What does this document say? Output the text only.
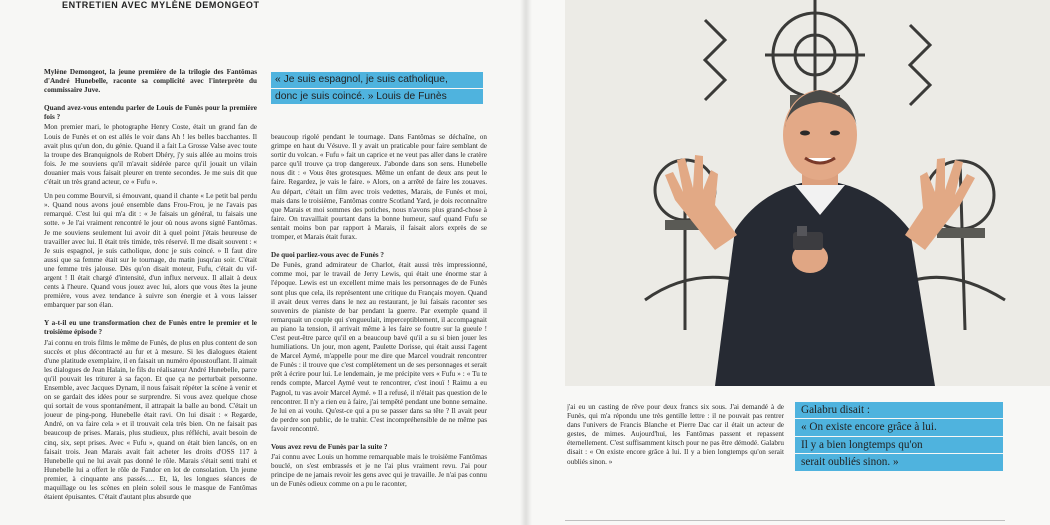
ENTRETIEN AVEC MYLÈNE DEMONGEOT

Mylène Demongeot, la jeune première de la trilogie des Fantômas d'André Hunebelle, raconte sa complicité avec l'interprète du commissaire Juve.

Quand avez-vous entendu parler de Louis de Funès pour la première fois ?

Mon premier mari, le photographe Henry Coste, était un grand fan de Louis de Funès et on est allés le voir dans Ah ! les belles bacchantes. Il avait plus qu'un don, du génie. Quand il a fait La Grosse Valse avec toute la troupe des Branquignols de Robert Dhéry, j'y suis allée au moins trois fois. Je me souviens qu'il m'avait sidérée parce qu'il jouait un vilain douanier mais vous faisait pleurer en trente secondes. Je me suis dit que c'était un très grand acteur, ce « Fufu ».

Un peu comme Bourvil, si émouvant, quand il chante « Le petit bal perdu ». Quand nous avons joué ensemble dans Frou-Frou, je ne l'avais pas remarqué. C'est lui qui m'a dit : « Je faisais un général, tu faisais une sotte. » Je l'ai vraiment rencontré le jour où nous avons signé Fantômas. Je me souviens seulement lui avoir dit à quel point j'étais heureuse de travailler avec lui. Il était très timide, très réservé. Il me disait souvent : « Je suis espagnol, je suis catholique, donc je suis coincé. » Il faut dire aussi que sa femme était sur le tournage, du matin jusqu'au soir. C'était une femme très jalouse. Dès qu'on disait moteur, Fufu, c'était du vif-argent ! Il était chargé d'intensité, d'un influx nerveux. Il allait à deux cents à l'heure. Quand vous jouez avec lui, alors que vous êtes la jeune première, vous avez tendance à suivre son énergie et à vous laisser embarquer par son élan.

Y a-t-il eu une transformation chez de Funès entre le premier et le troisième épisode ?

J'ai connu en trois films le même de Funès, de plus en plus content de son succès et plus décontracté au fur et à mesure. Si les dialogues étaient d'une platitude exemplaire, il en faisait un numéro époustouflant. Il aimait les dialogues de Jean Halain, le fils du réalisateur André Hunebelle, parce qu'il pouvait les triturer à sa façon. Et que ça ne perturbait personne. Ensemble, avec Jacques Dynam, il nous faisait répéter la scène à venir et on se gardait des idées pour se surprendre. Si vous avez quelque chose qui sortait de vous spontanément, il attrapait la balle au bond. C'était un joueur de ping-pong. Hunebelle était ravi. On lui disait : « Regarde, André, on va faire cela » et il trouvait cela très bien. On ne faisait pas beaucoup de prises. Marais, plus studieux, plus réfléchi, avait besoin de cinq, six, sept prises. Avec « Fufu », quand on était bien lancés, on en faisait trois. Jean Marais avait fait acheter les droits d'OSS 117 à Hunebelle qui ne lui avait pas donné le rôle. Marais s'était senti trahi et Hunebelle lui a offert le rôle de Fandor en lot de consolation. Un jeune premier, à cinquante ans passés…. Et, là, les longues séances de maquillage ou les scènes en plein soleil sous le masque de Fantômas étaient épuisantes. C'était d'autant plus absurde que

« Je suis espagnol, je suis catholique,
donc je suis coincé. » Louis de Funès

beaucoup rigolé pendant le tournage. Dans Fantômas se déchaîne, on grimpe en haut du Vésuve. Il y avait un praticable pour faire semblant de sortir du volcan. « Fufu » fait un caprice et ne veut pas aller dans le cratère parce qu'il trouve ça trop dangereux. J'abonde dans son sens. Hunebelle nous dit : « Vous êtes grotesques. Même un enfant de deux ans peut le faire. Regardez, je vais le faire. » Alors, on a arrêté de faire les zouaves. Au départ, c'était un film avec trois vedettes, Marais, de Funès et moi, mais dans le troisième, Fantômas contre Scotland Yard, je dois reconnaître que Marais et moi sommes des potiches, nous n'avons plus grand-chose à faire. On travaillait pourtant dans la bonne humeur, sauf quand Fufu se sentait moins bon par rapport à Marais, il faisait alors exprès de se tromper, et Marais était furax.

De quoi parliez-vous avec de Funès ?

De Funès, grand admirateur de Charlot, était aussi très impressionné, comme moi, par le travail de Jerry Lewis, qui était une énorme star à l'époque. Lewis est un excellent mime mais les personnages de de Funès sont plus que cela, ils représentent une critique du Français moyen. Quand il avait deux verres dans le nez au restaurant, je lui faisais raconter ses souvenirs de pianiste de bar pendant la guerre. Par exemple quand il remarquait un couple qui s'engueulait, imperceptiblement, il accompagnait au piano la tension, il arrivait même à les faire se foutre sur la gueule ! C'est peut-être parce qu'il en a beaucoup bavé qu'il a su si bien jouer les humiliations. Un jour, mon agent, Paulette Dorisse, qui était aussi l'agent de Marcel Aymé, m'appelle pour me dire que Marcel voudrait rencontrer de Funès : il trouve que c'est complètement un de ses personnages et serait prêt à écrire pour lui. Le lendemain, je me précipite vers « Fufu » : « Tu te rends compte, Marcel Aymé veut te rencontrer, c'est inouï ! Raimu a eu Pagnol, tu vas avoir Marcel Aymé. » Il a refusé, il n'était pas question de le rencontrer. Il n'y a rien eu à faire, j'ai tempêté pendant une bonne semaine. Je lui en ai voulu. Qu'est-ce qui a pu se passer dans sa tête ? Il avait peur de perdre son public, de le trahir. C'est incompréhensible de ne même pas favoir rencontré.

Vous avez revu de Funès par la suite ?

J'ai connu avec Louis un homme remarquable mais le troisième Fantômas bouclé, on s'est embrassés et je ne l'ai plus vraiment revu. J'ai pour principe de ne jamais revoir les gens avec qui je travaille. Je n'ai pas connu un de Funès odieux comme on a pu le raconter,

j'ai eu un casting de rêve pour deux francs six sous. J'ai demandé à de Funès, qui m'a répondu une très gentille lettre : il ne pouvait pas rentrer dans l'univers de Francis Blanche et Pierre Dac car il était un acteur de gestes, de mimes. Aujourd'hui, les Fantômas passent et repassent éternellement. C'est suffisamment kitsch pour ne pas être démodé. Galabru disait : « On existe encore grâce à lui. Il y a bien longtemps qu'on serait oubliés sinon. »

Galabru disait :
« On existe encore grâce à lui.
Il y a bien longtemps qu'on
serait oubliés sinon. »
